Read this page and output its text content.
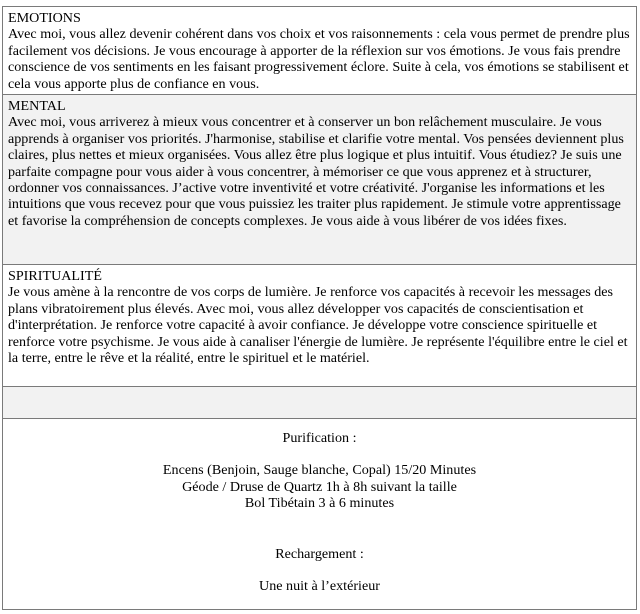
EMOTIONS
Avec moi, vous allez devenir cohérent dans vos choix et vos raisonnements : cela vous permet de prendre plus facilement vos décisions. Je vous encourage à apporter de la réflexion sur vos émotions. Je vous fais prendre conscience de vos sentiments en les faisant progressivement éclore. Suite à cela, vos émotions se stabilisent et cela vous apporte plus de confiance en vous.
MENTAL
Avec moi, vous arriverez à mieux vous concentrer et à conserver un bon relâchement musculaire. Je vous apprends à organiser vos priorités. J'harmonise, stabilise et clarifie votre mental. Vos pensées deviennent plus claires, plus nettes et mieux organisées. Vous allez être plus logique et plus intuitif. Vous étudiez? Je suis une parfaite compagne pour vous aider à vous concentrer, à mémoriser ce que vous apprenez et à structurer, ordonner vos connaissances. J’active votre inventivité et votre créativité. J'organise les informations et les intuitions que vous recevez pour que vous puissiez les traiter plus rapidement. Je stimule votre apprentissage et favorise la compréhension de concepts complexes. Je vous aide à vous libérer de vos idées fixes.
SPIRITUALITÉ
Je vous amène à la rencontre de vos corps de lumière. Je renforce vos capacités à recevoir les messages des plans vibratoirement plus élevés. Avec moi, vous allez développer vos capacités de conscientisation et d'interprétation. Je renforce votre capacité à avoir confiance. Je développe votre conscience spirituelle et renforce votre psychisme. Je vous aide à canaliser l'énergie de lumière. Je représente l'équilibre entre le ciel et la terre, entre le rêve et la réalité, entre le spirituel et le matériel.

Purification :

Encens (Benjoin, Sauge blanche, Copal) 15/20 Minutes

Géode / Druse de Quartz 1h à 8h suivant la taille

Bol Tibétain 3 à 6 minutes

Rechargement :

Une nuit à l’extérieur
